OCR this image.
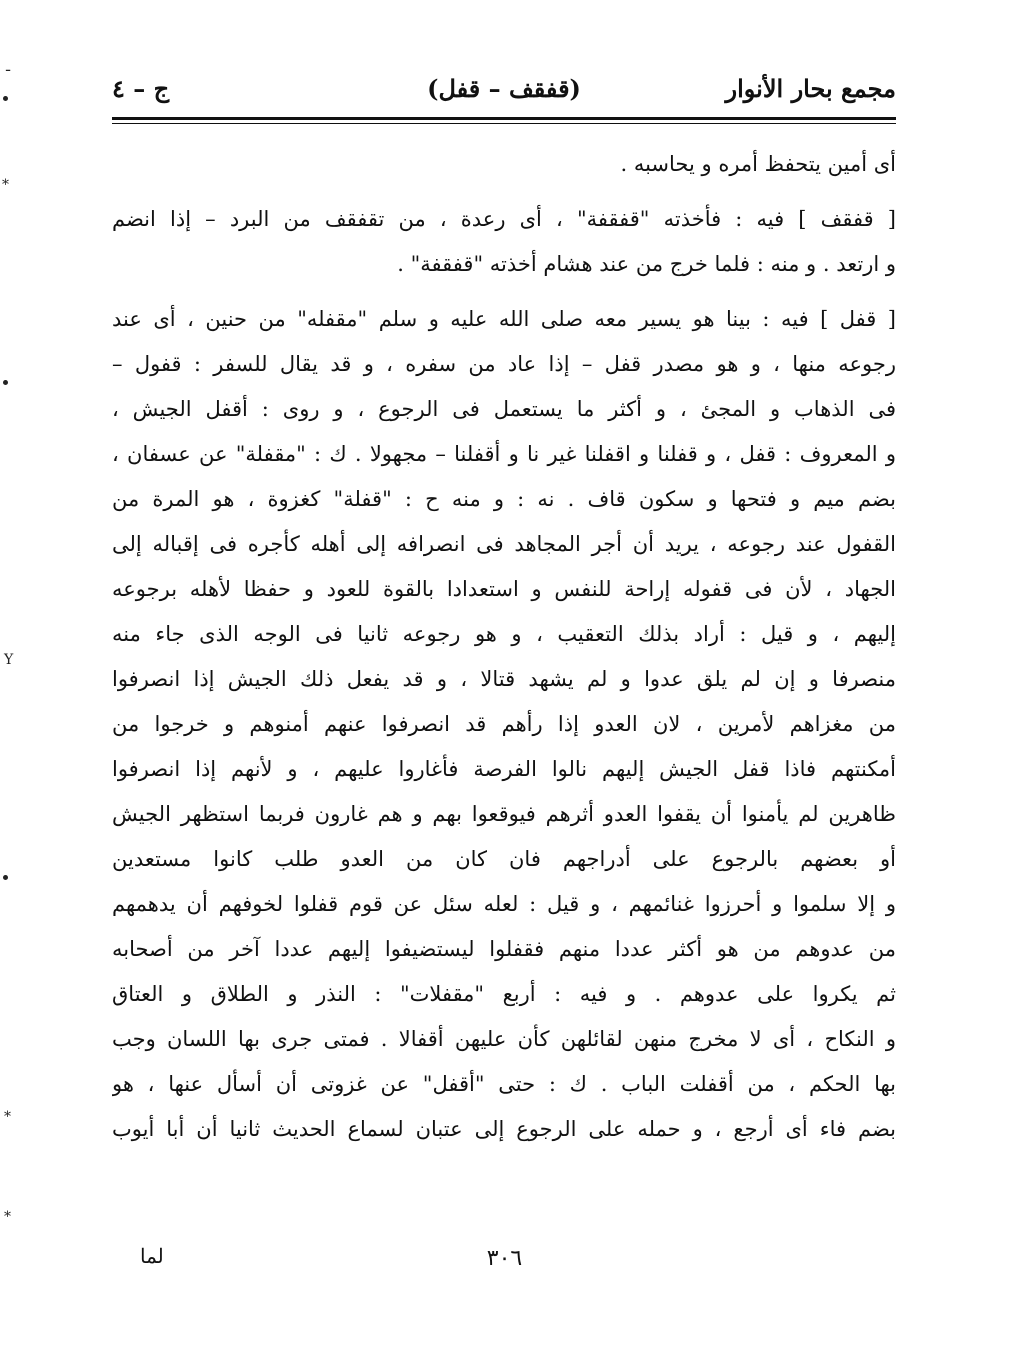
مجمع بحار الأنوار
(قفقف – قفل)
ج – ٤
أى أمين يتحفظ أمره و يحاسبه .
[ قفقف ] فيه : فأخذته "قفقفة" ، أى رعدة ، من تقفقف من البرد – إذا انضم
و ارتعد . و منه : فلما خرج من عند هشام أخذته "قفقفة" .
[ قفل ] فيه : بينا هو يسير معه صلى الله عليه و سلم "مقفله" من حنين ، أى عند
رجوعه منها ، و هو مصدر قفل – إذا عاد من سفره ، و قد يقال للسفر : قفول –
فى الذهاب و المجئ ، و أكثر ما يستعمل فى الرجوع ، و روى : أقفل الجيش ،
و المعروف : قفل ، و قفلنا و اقفلنا غير نا و أقفلنا – مجهولا . ك : "مقفلة" عن عسفان ،
بضم ميم و فتحها و سكون قاف . نه : و منه ح : "قفلة" كغزوة ، هو المرة من
القفول عند رجوعه ، يريد أن أجر المجاهد فى انصرافه إلى أهله كأجره فى إقباله إلى
الجهاد ، لأن فى قفوله إراحة للنفس و استعدادا بالقوة للعود و حفظا لأهله برجوعه
إليهم ، و قيل : أراد بذلك التعقيب ، و هو رجوعه ثانيا فى الوجه الذى جاء منه
منصرفا و إن لم يلق عدوا و لم يشهد قتالا ، و قد يفعل ذلك الجيش إذا انصرفوا
من مغزاهم لأمرين ، لان العدو إذا رأهم قد انصرفوا عنهم أمنوهم و خرجوا من
أمكنتهم فاذا قفل الجيش إليهم نالوا الفرصة فأغاروا عليهم ، و لأنهم إذا انصرفوا
ظاهرين لم يأمنوا أن يقفوا العدو أثرهم فيوقعوا بهم و هم غارون فربما استظهر الجيش
أو بعضهم بالرجوع على أدراجهم فان كان من العدو طلب كانوا مستعدين
و إلا سلموا و أحرزوا غنائمهم ، و قيل : لعله سئل عن قوم قفلوا لخوفهم أن يدهمهم
من عدوهم من هو أكثر عددا منهم فقفلوا ليستضيفوا إليهم عددا آخر من أصحابه
ثم يكروا على عدوهم . و فيه : أربع "مقفلات" : النذر و الطلاق و العتاق
و النكاح ، أى لا مخرج منهن لقائلهن كأن عليهن أقفالا . فمتى جرى بها اللسان وجب
بها الحكم ، من أقفلت الباب . ك : حتى "أقفل" عن غزوتى أن أسأل عنها ، هو
بضم فاء أى أرجع ، و حمله على الرجوع إلى عتبان لسماع الحديث ثانيا أن أبا أيوب
لما	٣٠٦
ـ
*
Y
*
*
